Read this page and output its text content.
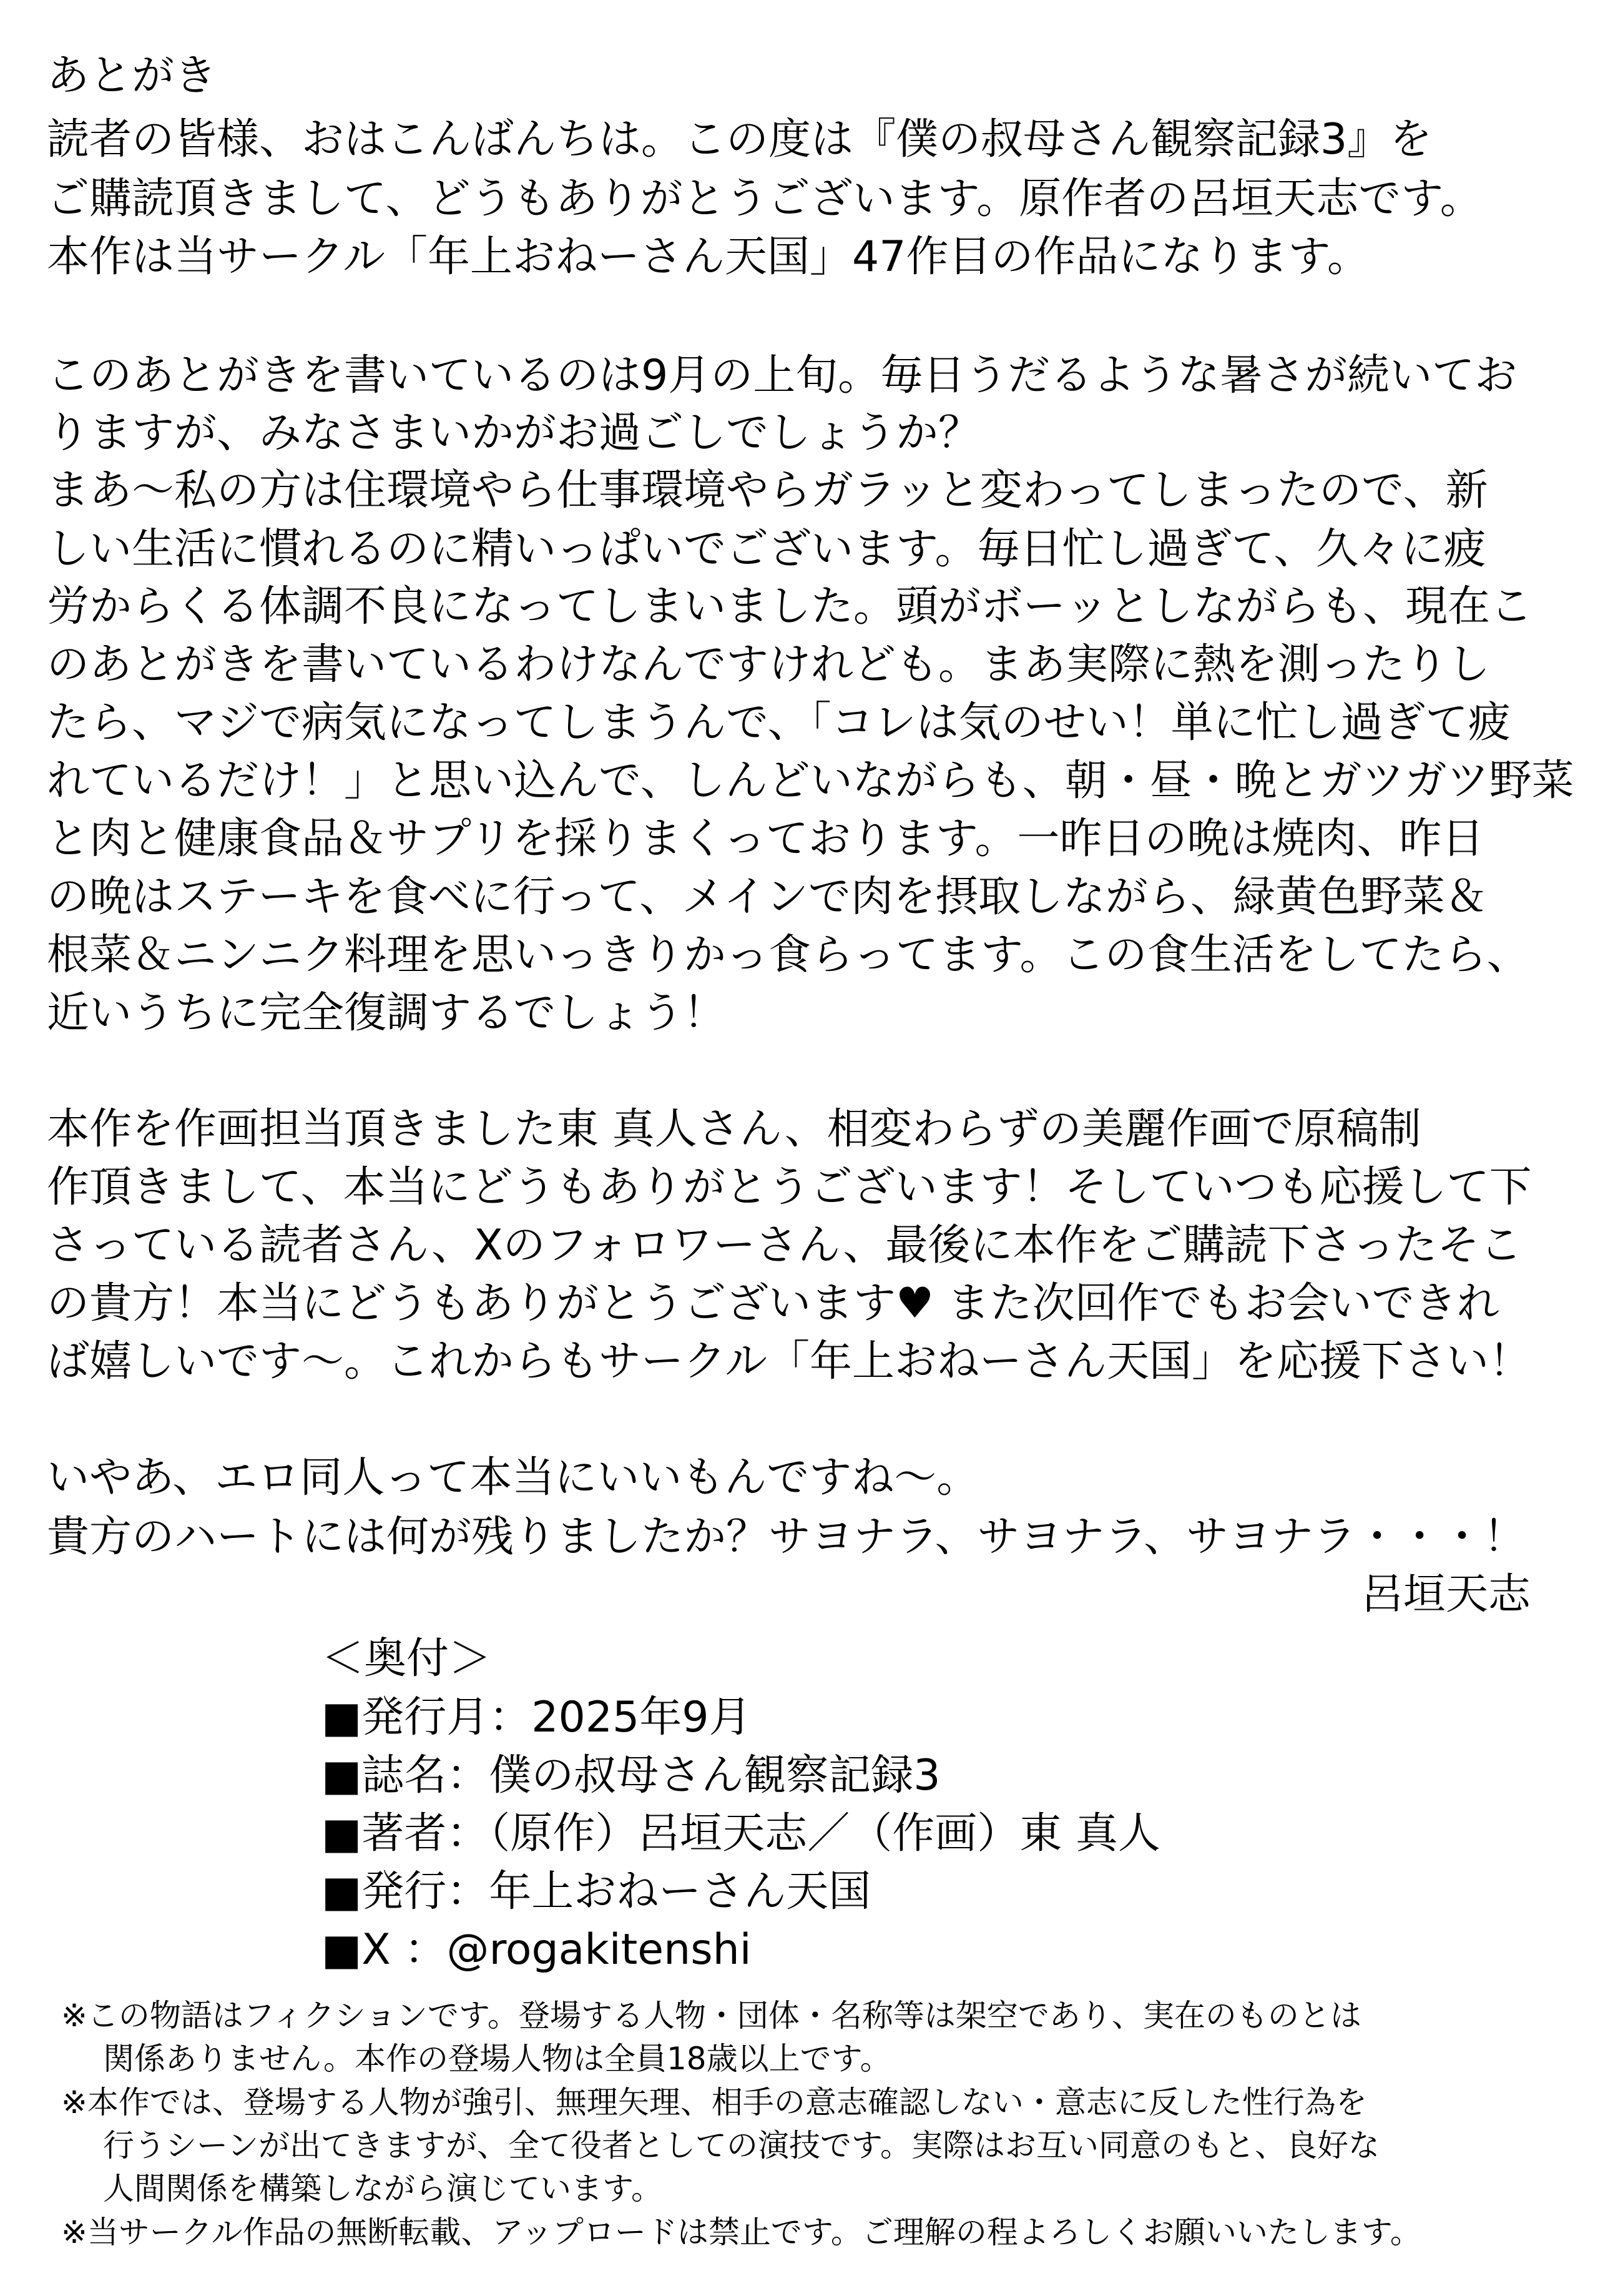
あとがき
読者の皆様、おはこんばんちは。この度は『僕の叔母さん観察記録3』を
ご購読頂きまして、どうもありがとうございます。原作者の呂垣天志です。
本作は当サークル「年上おねーさん天国」47作目の作品になります。
このあとがきを書いているのは9月の上旬。毎日うだるような暑さが続いてお
りますが、みなさまいかがお過ごしでしょうか？
まあ～私の方は住環境やら仕事環境やらガラッと変わってしまったので、新
しい生活に慣れるのに精いっぱいでございます。毎日忙し過ぎて、久々に疲
労からくる体調不良になってしまいました。頭がボーッとしながらも、現在こ
のあとがきを書いているわけなんですけれども。まあ実際に熱を測ったりし
たら、マジで病気になってしまうんで、「コレは気のせい！単に忙し過ぎて疲
れているだけ！」と思い込んで、しんどいながらも、朝・昼・晩とガツガツ野菜
と肉と健康食品＆サプリを採りまくっております。一昨日の晩は焼肉、昨日
の晩はステーキを食べに行って、メインで肉を摂取しながら、緑黄色野菜＆
根菜＆ニンニク料理を思いっきりかっ食らってます。この食生活をしてたら、
近いうちに完全復調するでしょう！
本作を作画担当頂きました東 真人さん、相変わらずの美麗作画で原稿制
作頂きまして、本当にどうもありがとうございます！そしていつも応援して下
さっている読者さん、Xのフォロワーさん、最後に本作をご購読下さったそこ
の貴方！本当にどうもありがとうございます♥ また次回作でもお会いできれ
ば嬉しいです～。これからもサークル「年上おねーさん天国」を応援下さい！
いやあ、エロ同人って本当にいいもんですね～。
貴方のハートには何が残りましたか？サヨナラ、サヨナラ、サヨナラ・・・！
呂垣天志
＜奥付＞
■発行月：2025年9月
■誌名：僕の叔母さん観察記録3
■著者：（原作）呂垣天志／（作画）東 真人
■発行：年上おねーさん天国
■X ：@rogakitenshi
※この物語はフィクションです。登場する人物・団体・名称等は架空であり、実在のものとは
関係ありません。本作の登場人物は全員18歳以上です。
※本作では、登場する人物が強引、無理矢理、相手の意志確認しない・意志に反した性行為を
行うシーンが出てきますが、全て役者としての演技です。実際はお互い同意のもと、良好な
人間関係を構築しながら演じています。
※当サークル作品の無断転載、アップロードは禁止です。ご理解の程よろしくお願いいたします。
